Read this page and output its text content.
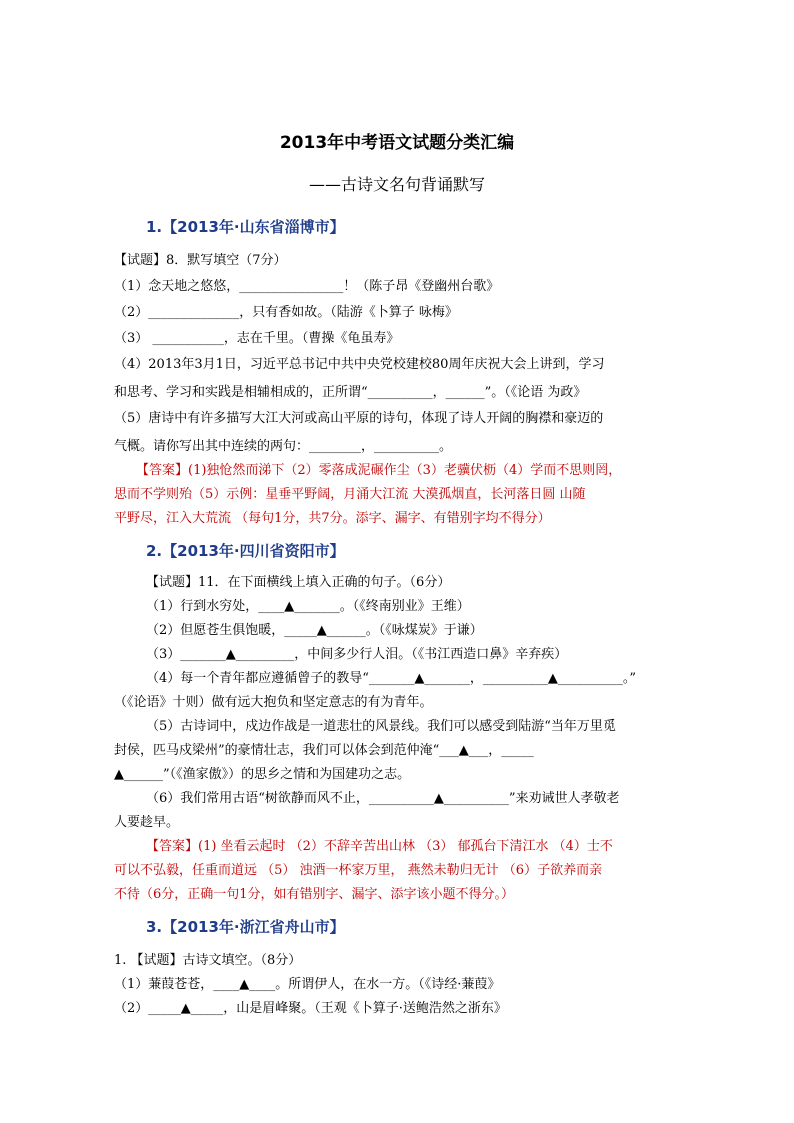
2013年中考语文试题分类汇编
——古诗文名句背诵默写
1.【2013年·山东省淄博市】
【试题】8．默写填空（7分）
（1）念天地之悠悠，________________！（陈子昂《登幽州台歌》
（2）______________，只有香如故。（陆游《卜算子 咏梅》
（3） ___________，志在千里。（曹操《龟虽寿》
（4）2013年3月1日，习近平总书记中共中央党校建校80周年庆祝大会上讲到，学习
和思考、学习和实践是相辅相成的，正所谓“__________，______”。（《论语 为政》
（5）唐诗中有许多描写大江大河或高山平原的诗句，体现了诗人开阔的胸襟和豪迈的
气概。请你写出其中连续的两句：________，__________。
【答案】(1)独怆然而涕下（2）零落成泥碾作尘（3）老骥伏枥（4）学而不思则罔，
思而不学则殆（5）示例：星垂平野阔，月涌大江流 大漠孤烟直，长河落日圆 山随
平野尽，江入大荒流 （每句1分，共7分。添字、漏字、有错别字均不得分）
2.【2013年·四川省资阳市】
【试题】11．在下面横线上填入正确的句子。（6分）
（1）行到水穷处，____▲_______。（《终南别业》王维）
（2）但愿苍生俱饱暖，_____▲______。（《咏煤炭》于谦）
（3）_______▲_________，中间多少行人泪。（《书江西造口鼻》辛弃疾）
（4）每一个青年都应遵循曾子的教导“_______▲_______，__________▲__________。”
（《论语》十则）做有远大抱负和坚定意志的有为青年。
（5）古诗词中，戍边作战是一道悲壮的风景线。我们可以感受到陆游“当年万里觅
封侯，匹马戍梁州”的豪情壮志，我们可以体会到范仲淹“___▲___，_____
▲______”（《渔家傲》）的思乡之情和为国建功之志。
（6）我们常用古语“树欲静而风不止，__________▲__________”来劝诫世人孝敬老
人要趁早。
【答案】(1) 坐看云起时 （2）不辞辛苦出山林 （3） 郁孤台下清江水 （4）士不
可以不弘毅，任重而道远 （5） 浊酒一杯家万里， 燕然未勒归无计 （6）子欲养而亲
不待（6分，正确一句1分，如有错别字、漏字、添字该小题不得分。）
3.【2013年·浙江省舟山市】
1. 【试题】古诗文填空。（8分）
（1）蒹葭苍苍，____▲____。所谓伊人，在水一方。（《诗经·蒹葭》
（2）_____▲_____，山是眉峰聚。（王观《卜算子·送鲍浩然之浙东》
